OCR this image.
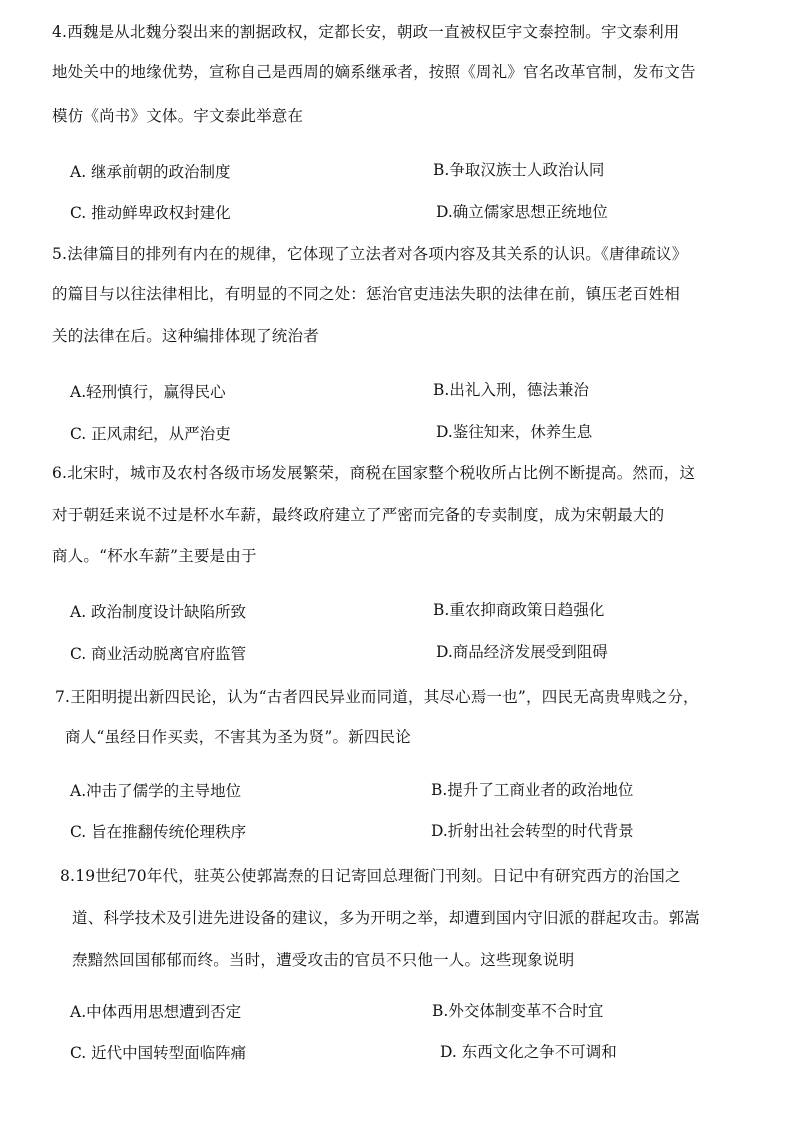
4.西魏是从北魏分裂出来的割据政权，定都长安，朝政一直被权臣宇文泰控制。宇文泰利用
地处关中的地缘优势，宣称自己是西周的嫡系继承者，按照《周礼》官名改革官制，发布文告
模仿《尚书》文体。宇文泰此举意在
A. 继承前朝的政治制度	B.争取汉族士人政治认同
C. 推动鲜卑政权封建化	D.确立儒家思想正统地位
5.法律篇目的排列有内在的规律，它体现了立法者对各项内容及其关系的认识。《唐律疏议》
的篇目与以往法律相比，有明显的不同之处：惩治官吏违法失职的法律在前，镇压老百姓相
关的法律在后。这种编排体现了统治者
A.轻刑慎行，赢得民心	B.出礼入刑，德法兼治
C. 正风肃纪，从严治吏	D.鉴往知来，休养生息
6.北宋时，城市及农村各级市场发展繁荣，商税在国家整个税收所占比例不断提高。然而，这
对于朝廷来说不过是杯水车薪，最终政府建立了严密而完备的专卖制度，成为宋朝最大的
商人。“杯水车薪”主要是由于
A. 政治制度设计缺陷所致	B.重农抑商政策日趋强化
C. 商业活动脱离官府监管	D.商品经济发展受到阻碍
7.王阳明提出新四民论，认为“古者四民异业而同道，其尽心焉一也”，四民无高贵卑贱之分，
商人“虽经日作买卖，不害其为圣为贤”。新四民论
A.冲击了儒学的主导地位	B.提升了工商业者的政治地位
C. 旨在推翻传统伦理秩序	D.折射出社会转型的时代背景
8.19世纪70年代，驻英公使郭嵩焘的日记寄回总理衙门刊刻。日记中有研究西方的治国之
道、科学技术及引进先进设备的建议，多为开明之举，却遭到国内守旧派的群起攻击。郭嵩
焘黯然回国郁郁而终。当时，遭受攻击的官员不只他一人。这些现象说明
A.中体西用思想遭到否定	B.外交体制变革不合时宜
C. 近代中国转型面临阵痛	D. 东西文化之争不可调和
